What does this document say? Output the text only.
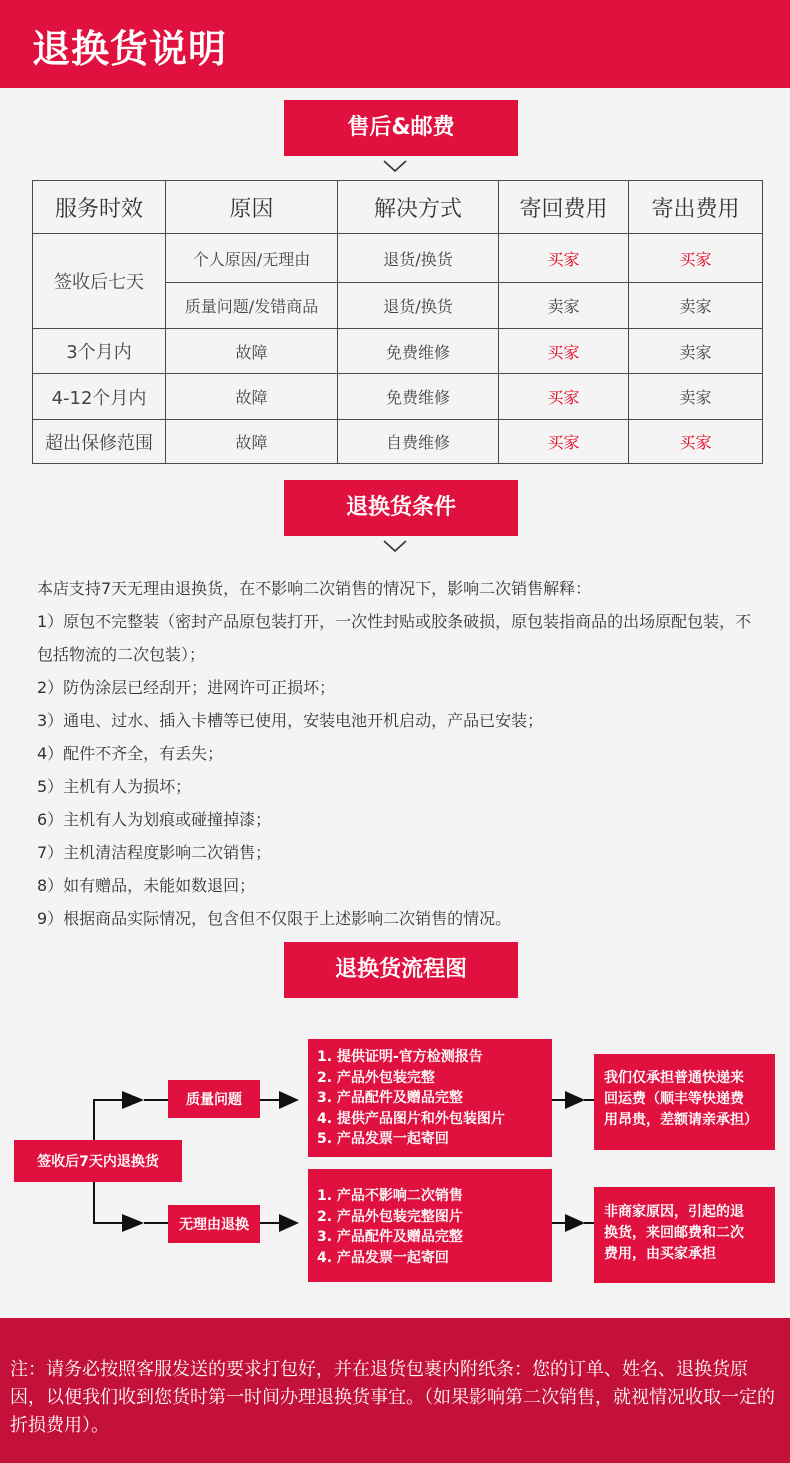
退换货说明
售后&邮费
服务时效	原因	解决方式	寄回费用	寄出费用
签收后七天	个人原因/无理由	退货/换货	买家	买家
	质量问题/发错商品	退货/换货	卖家	卖家
3个月内	故障	免费维修	买家	卖家
4-12个月内	故障	免费维修	买家	卖家
超出保修范围	故障	自费维修	买家	买家
退换货条件

本店支持7天无理由退换货，在不影响二次销售的情况下，影响二次销售解释：

1）原包不完整装（密封产品原包装打开，一次性封贴或胶条破损，原包装指商品的出场原配包装，不包括物流的二次包装）；

2）防伪涂层已经刮开；进网许可正损坏；

3）通电、过水、插入卡槽等已使用，安装电池开机启动，产品已安装；

4）配件不齐全，有丢失；

5）主机有人为损坏；

6）主机有人为划痕或碰撞掉漆；

7）主机清洁程度影响二次销售；

8）如有赠品，未能如数退回；

9）根据商品实际情况，包含但不仅限于上述影响二次销售的情况。

退换货流程图
签收后7天内退换货
质量问题
无理由退换
1. 提供证明-官方检测报告
2. 产品外包装完整
3. 产品配件及赠品完整
4. 提供产品图片和外包装图片
5. 产品发票一起寄回
1. 产品不影响二次销售
2. 产品外包装完整图片
3. 产品配件及赠品完整
4. 产品发票一起寄回
我们仅承担普通快递来
回运费（顺丰等快递费
用昂贵，差额请亲承担）
非商家原因，引起的退
换货，来回邮费和二次
费用，由买家承担

注：请务必按照客服发送的要求打包好，并在退货包裹内附纸条：您的订单、姓名、退换货原因，以便我们收到您货时第一时间办理退换货事宜。（如果影响第二次销售，就视情况收取一定的折损费用）。
